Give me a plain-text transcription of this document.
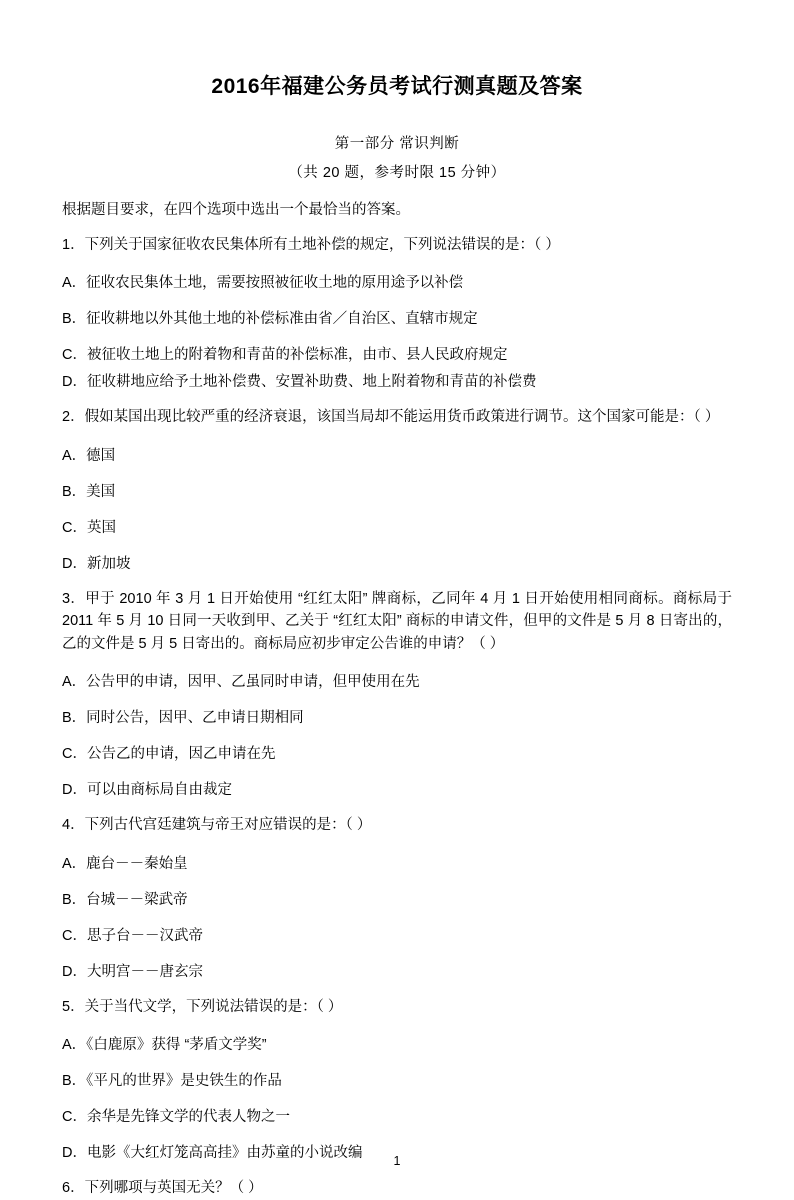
2016年福建公务员考试行测真题及答案
第一部分 常识判断
（共 20 题，参考时限 15 分钟）
根据题目要求，在四个选项中选出一个最恰当的答案。
1．下列关于国家征收农民集体所有土地补偿的规定，下列说法错误的是：（ ）
A．征收农民集体土地，需要按照被征收土地的原用途予以补偿
B．征收耕地以外其他土地的补偿标准由省／自治区、直辖市规定
C．被征收土地上的附着物和青苗的补偿标准，由市、县人民政府规定
D．征收耕地应给予土地补偿费、安置补助费、地上附着物和青苗的补偿费
2．假如某国出现比较严重的经济衰退，该国当局却不能运用货币政策进行调节。这个国家可能是：（ ）
A．德国
B．美国
C．英国
D．新加坡
3．甲于 2010 年 3 月 1 日开始使用 “红红太阳” 牌商标，乙同年 4 月 1 日开始使用相同商标。商标局于 2011 年 5 月 10 日同一天收到甲、乙关于 “红红太阳” 商标的申请文件，但甲的文件是 5 月 8 日寄出的，乙的文件是 5 月 5 日寄出的。商标局应初步审定公告谁的申请？（ ）
A．公告甲的申请，因甲、乙虽同时申请，但甲使用在先
B．同时公告，因甲、乙申请日期相同
C．公告乙的申请，因乙申请在先
D．可以由商标局自由裁定
4．下列古代宫廷建筑与帝王对应错误的是：（ ）
A．鹿台－－秦始皇
B．台城－－梁武帝
C．思子台－－汉武帝
D．大明宫－－唐玄宗
5．关于当代文学，下列说法错误的是：（ ）
A．《白鹿原》获得 “茅盾文学奖”
B．《平凡的世界》是史铁生的作品
C．余华是先锋文学的代表人物之一
D．电影《大红灯笼高高挂》由苏童的小说改编
6．下列哪项与英国无关？（ ）
1
